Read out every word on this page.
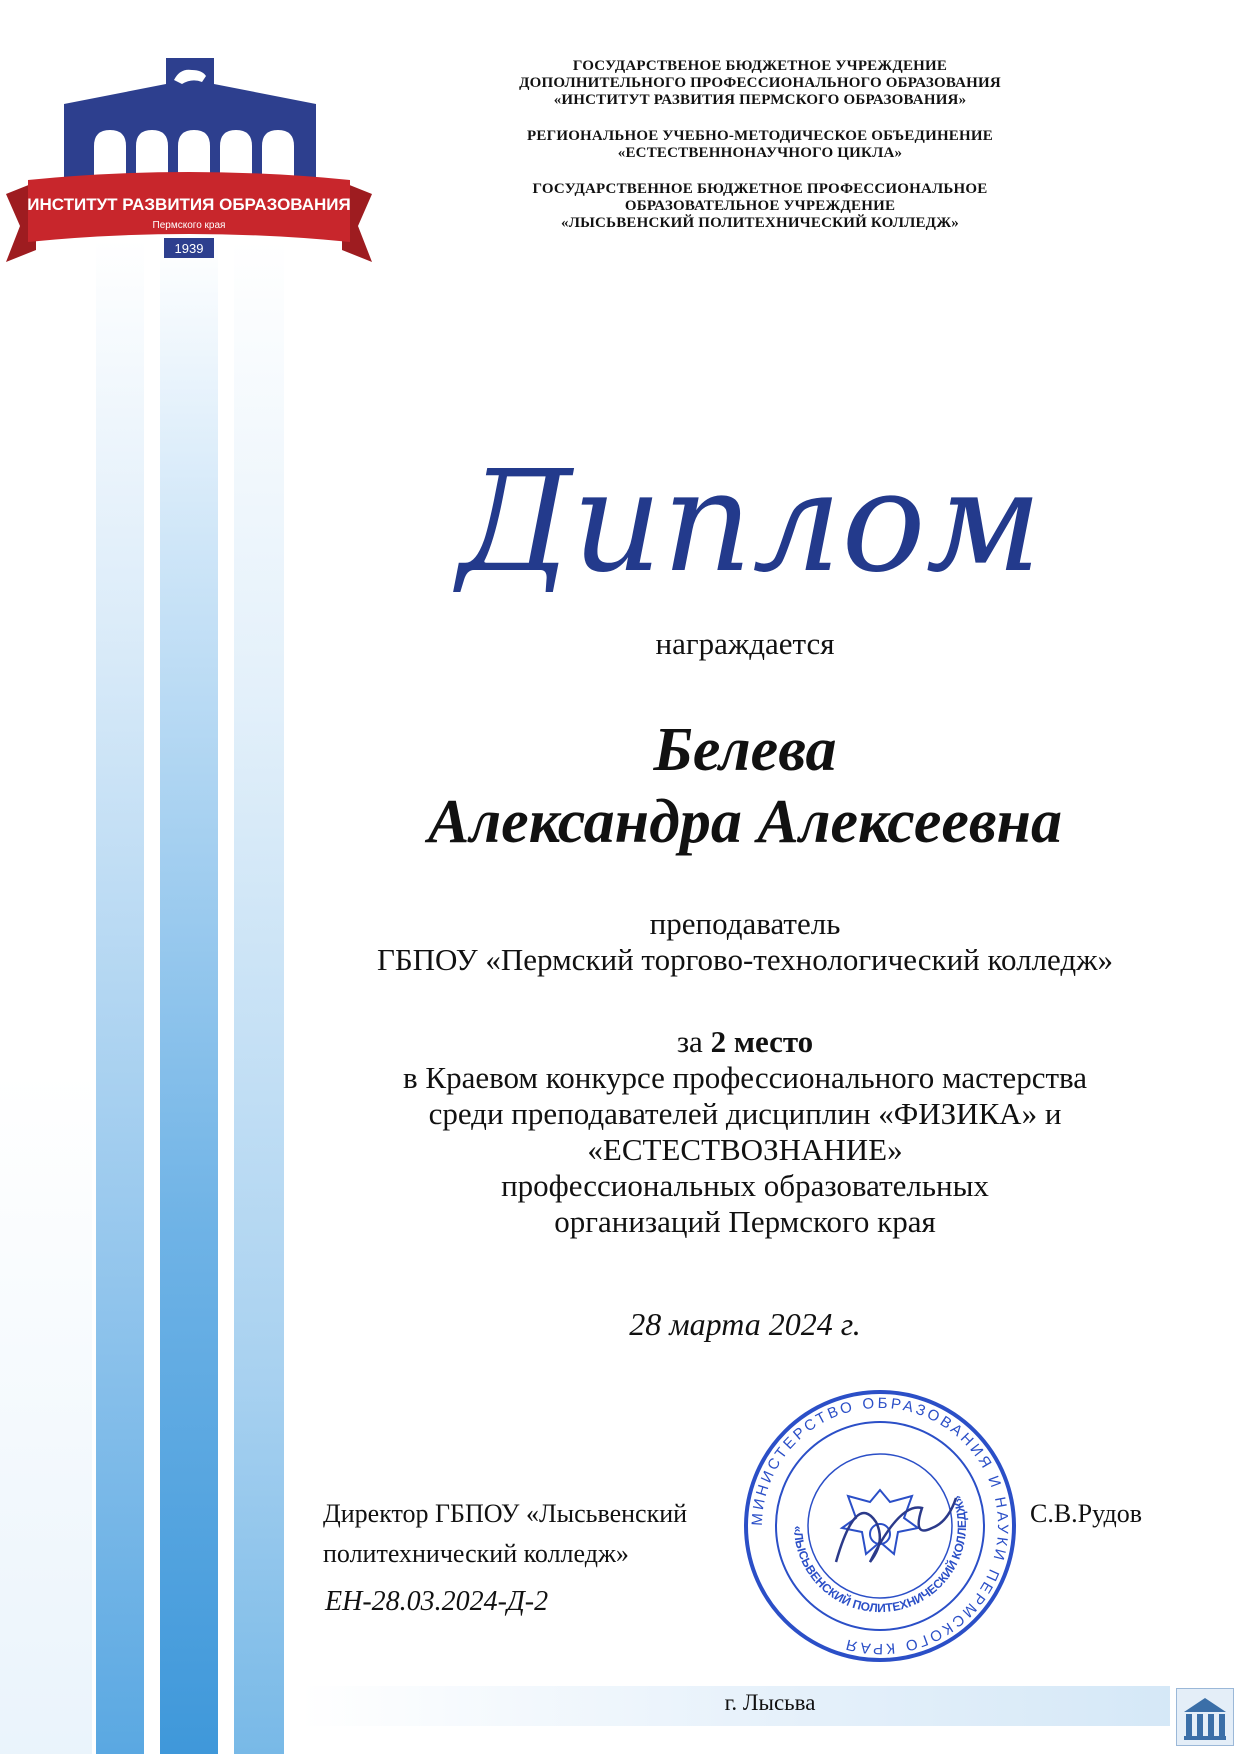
ИНСТИТУТ РАЗВИТИЯ ОБРАЗОВАНИЯ
Пермского края
1939
ГОСУДАРСТВЕНОЕ БЮДЖЕТНОЕ УЧРЕЖДЕНИЕ
ДОПОЛНИТЕЛЬНОГО ПРОФЕССИОНАЛЬНОГО ОБРАЗОВАНИЯ
«ИНСТИТУТ РАЗВИТИЯ ПЕРМСКОГО ОБРАЗОВАНИЯ»
РЕГИОНАЛЬНОЕ УЧЕБНО-МЕТОДИЧЕСКОЕ ОБЪЕДИНЕНИЕ
«ЕСТЕСТВЕННОНАУЧНОГО ЦИКЛА»
ГОСУДАРСТВЕННОЕ БЮДЖЕТНОЕ ПРОФЕССИОНАЛЬНОЕ
ОБРАЗОВАТЕЛЬНОЕ УЧРЕЖДЕНИЕ
«ЛЫСЬВЕНСКИЙ ПОЛИТЕХНИЧЕСКИЙ КОЛЛЕДЖ»
Диплом
награждается
Белева
Александра Алексеевна
преподаватель
ГБПОУ «Пермский торгово-технологический колледж»
за 2 место
в Краевом конкурсе профессионального мастерства
среди преподавателей дисциплин «ФИЗИКА» и
«ЕСТЕСТВОЗНАНИЕ»
профессиональных образовательных
организаций Пермского края
28 марта 2024 г.
МИНИСТЕРСТВО ОБРАЗОВАНИЯ И НАУКИ ПЕРМСКОГО КРАЯ
«ЛЫСЬВЕНСКИЙ ПОЛИТЕХНИЧЕСКИЙ КОЛЛЕДЖ»
ЕН-28.03.2024-Д-2
г. Лысьва
Директор ГБПОУ «Лысьвенский
политехнический колледж»
С.В.Рудов
